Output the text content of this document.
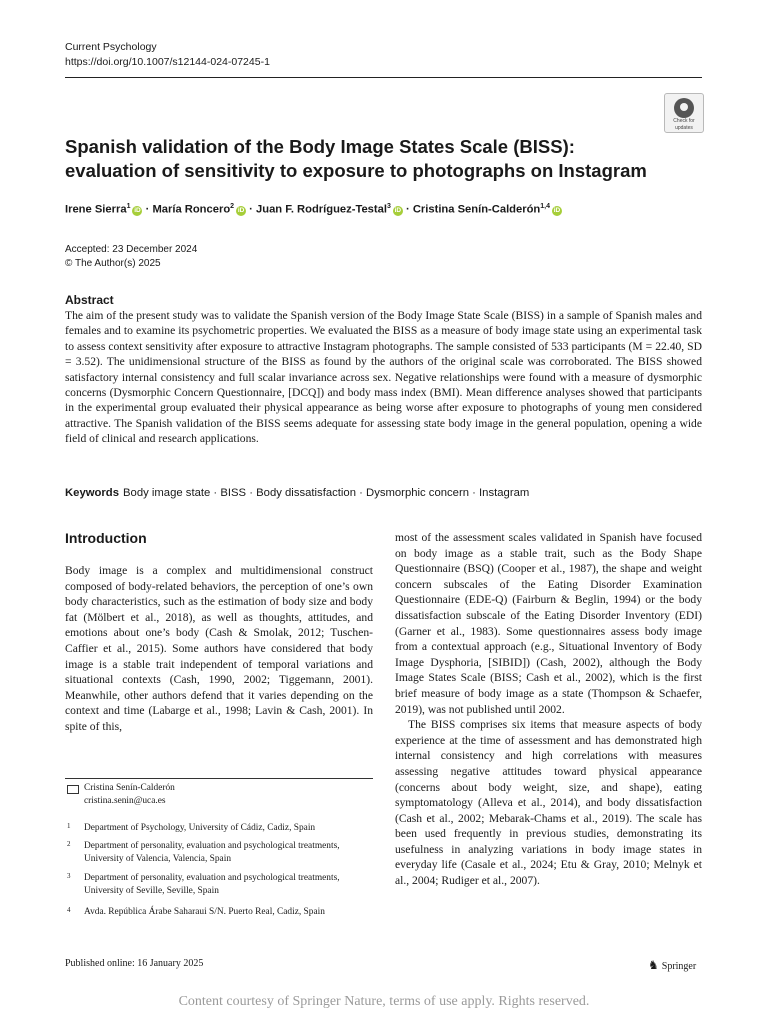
Current Psychology
https://doi.org/10.1007/s12144-024-07245-1
Check for
updates
Spanish validation of the Body Image States Scale (BISS): evaluation of sensitivity to exposure to photographs on Instagram
Irene Sierra$^1$iD · María Roncero$^2$iD · Juan F. Rodríguez-Testal$^3$iD · Cristina Senín-Calderón$^{1,4}$iD
Accepted: 23 December 2024
© The Author(s) 2025
Abstract
The aim of the present study was to validate the Spanish version of the Body Image State Scale (BISS) in a sample of Spanish males and females and to examine its psychometric properties. We evaluated the BISS as a measure of body image state using an experimental task to assess context sensitivity after exposure to attractive Instagram photographs. The sample consisted of 533 participants (M = 22.40, SD = 3.52). The unidimensional structure of the BISS as found by the authors of the original scale was corroborated. The BISS showed satisfactory internal consistency and full scalar invariance across sex. Negative relationships were found with a measure of dysmorphic concerns (Dysmorphic Concern Questionnaire, [DCQ]) and body mass index (BMI). Mean difference analyses showed that participants in the experimental group evaluated their physical appearance as being worse after exposure to photographs of young men considered attractive. The Spanish validation of the BISS seems adequate for assessing state body image in the general population, opening a wide field of clinical and research applications.
Keywords Body image state · BISS · Body dissatisfaction · Dysmorphic concern · Instagram
Introduction
Body image is a complex and multidimensional construct composed of body-related behaviors, the perception of one’s own body characteristics, such as the estimation of body size and body fat (Mölbert et al., 2018), as well as thoughts, attitudes, and emotions about one’s body (Cash & Smolak, 2012; Tuschen-Caffier et al., 2015). Some authors have considered that body image is a stable trait independent of temporal variations and situational contexts (Cash, 1990, 2002; Tiggemann, 2001). Meanwhile, other authors defend that it varies depending on the context and time (Labarge et al., 1998; Lavin & Cash, 2001). In spite of this,

most of the assessment scales validated in Spanish have focused on body image as a stable trait, such as the Body Shape Questionnaire (BSQ) (Cooper et al., 1987), the shape and weight concern subscales of the Eating Disorder Examination Questionnaire (EDE-Q) (Fairburn & Beglin, 1994) or the body dissatisfaction subscale of the Eating Disorder Inventory (EDI) (Garner et al., 1983). Some questionnaires assess body image from a contextual approach (e.g., Situational Inventory of Body Image Dysphoria, [SIBID]) (Cash, 2002), although the Body Image States Scale (BISS; Cash et al., 2002), which is the first brief measure of body image as a state (Thompson & Schaefer, 2019), was not published until 2002.

The BISS comprises six items that measure aspects of body experience at the time of assessment and has demonstrated high internal consistency and high correlations with measures assessing negative attitudes toward physical appearance (concerns about body weight, size, and shape), eating symptomatology (Alleva et al., 2014), and body dissatisfaction (Cash et al., 2002; Mebarak-Chams et al., 2019). The scale has been used frequently in previous studies, demonstrating its usefulness in analyzing variations in body image states in everyday life (Casale et al., 2024; Etu & Gray, 2010; Melnyk et al., 2004; Rudiger et al., 2007).

Cristina Senín-Calderón
cristina.senin@uca.es
1 Department of Psychology, University of Cádiz, Cadiz, Spain
2 Department of personality, evaluation and psychological treatments, University of Valencia, Valencia, Spain
3 Department of personality, evaluation and psychological treatments, University of Seville, Seville, Spain
4 Avda. República Árabe Saharaui S/N. Puerto Real, Cadiz, Spain
Published online: 16 January 2025	♞ Springer
Content courtesy of Springer Nature, terms of use apply. Rights reserved.
